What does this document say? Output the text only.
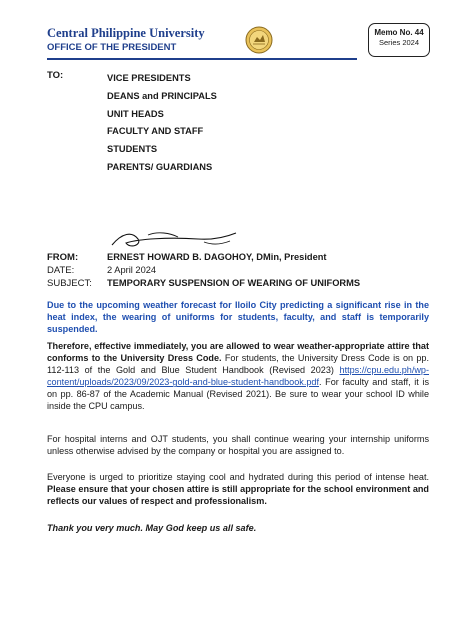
Central Philippine University
OFFICE OF THE PRESIDENT
Memo No. 44
Series 2024
TO:	VICE PRESIDENTS
DEANS and PRINCIPALS
UNIT HEADS
FACULTY AND STAFF
STUDENTS
PARENTS/ GUARDIANS
FROM:	ERNEST HOWARD B. DAGOHOY, DMin, President
DATE:	2 April 2024
SUBJECT: TEMPORARY SUSPENSION OF WEARING OF UNIFORMS

Due to the upcoming weather forecast for Iloilo City predicting a significant rise in the heat index, the wearing of uniforms for students, faculty, and staff is temporarily suspended.

Therefore, effective immediately, you are allowed to wear weather-appropriate attire that conforms to the University Dress Code. For students, the University Dress Code is on pp. 112-113 of the Gold and Blue Student Handbook (Revised 2023) https://cpu.edu.ph/wp-content/uploads/2023/09/2023-gold-and-blue-student-handbook.pdf. For faculty and staff, it is on pp. 86-87 of the Academic Manual (Revised 2021). Be sure to wear your school ID while inside the CPU campus.

For hospital interns and OJT students, you shall continue wearing your internship uniforms unless otherwise advised by the company or hospital you are assigned to.

Everyone is urged to prioritize staying cool and hydrated during this period of intense heat. Please ensure that your chosen attire is still appropriate for the school environment and reflects our values of respect and professionalism.

Thank you very much. May God keep us all safe.
